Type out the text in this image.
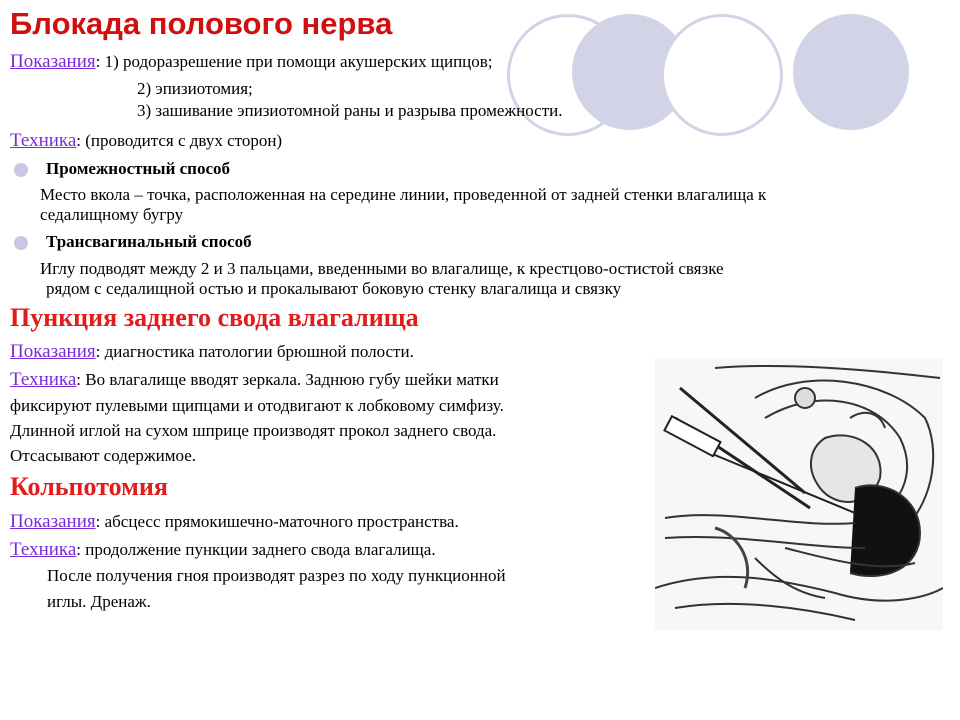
Блокада полового нерва
Показания: 1) родоразрешение при помощи акушерских щипцов;
2) эпизиотомия;
3) зашивание эпизиотомной раны и разрыва промежности.
Техника: (проводится с двух сторон)
Промежностный способ
Место вкола – точка, расположенная на середине линии, проведенной от задней стенки влагалища к
седалищному бугру
Трансвагинальный способ
Иглу подводят между 2 и 3 пальцами, введенными во влагалище, к крестцово-остистой связке
рядом с седалищной остью и прокалывают боковую стенку влагалища и связку
Пункция заднего свода влагалища
Показания: диагностика патологии брюшной полости.
Техника: Во влагалище вводят зеркала. Заднюю губу шейки матки
фиксируют пулевыми щипцами и отодвигают к лобковому симфизу.
Длинной иглой на сухом шприце производят прокол заднего свода.
Отсасывают содержимое.
Кольпотомия
Показания: абсцесс прямокишечно-маточного пространства.
Техника: продолжение пункции заднего свода влагалища.
После получения гноя производят разрез по ходу пункционной
иглы. Дренаж.
